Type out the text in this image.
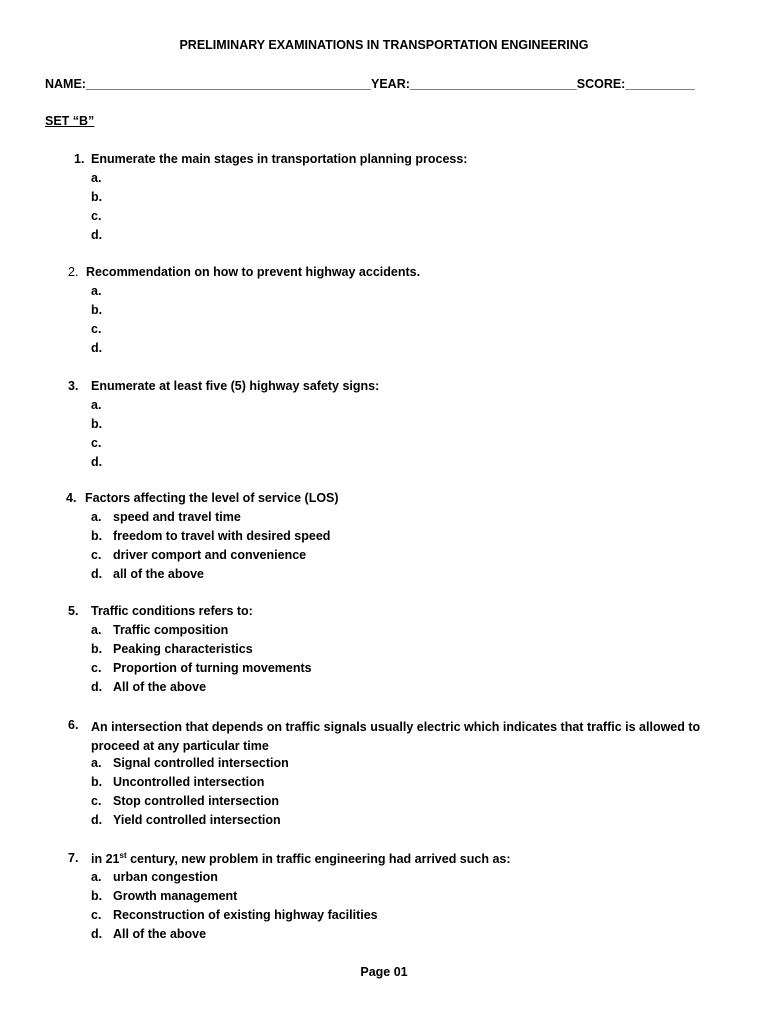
PRELIMINARY EXAMINATIONS IN TRANSPORTATION ENGINEERING
NAME:_________________________________________YEAR:________________________SCORE:__________
SET “B”
1. Enumerate the main stages in transportation planning process:
a.
b.
c.
d.
2. Recommendation on how to prevent highway accidents.
a.
b.
c.
d.
3. Enumerate at least five (5) highway safety signs:
a.
b.
c.
d.
4. Factors affecting the level of service (LOS)
a. speed and travel time
b. freedom to travel with desired speed
c. driver comport and convenience
d. all of the above
5. Traffic conditions refers to:
a. Traffic composition
b. Peaking characteristics
c. Proportion of turning movements
d. All of the above
6. An intersection that depends on traffic signals usually electric which indicates that traffic is allowed to proceed at any particular time
a. Signal controlled intersection
b. Uncontrolled intersection
c. Stop controlled intersection
d. Yield controlled intersection
7. in 21st century, new problem in traffic engineering had arrived such as:
a. urban congestion
b. Growth management
c. Reconstruction of existing highway facilities
d. All of the above
Page 01
